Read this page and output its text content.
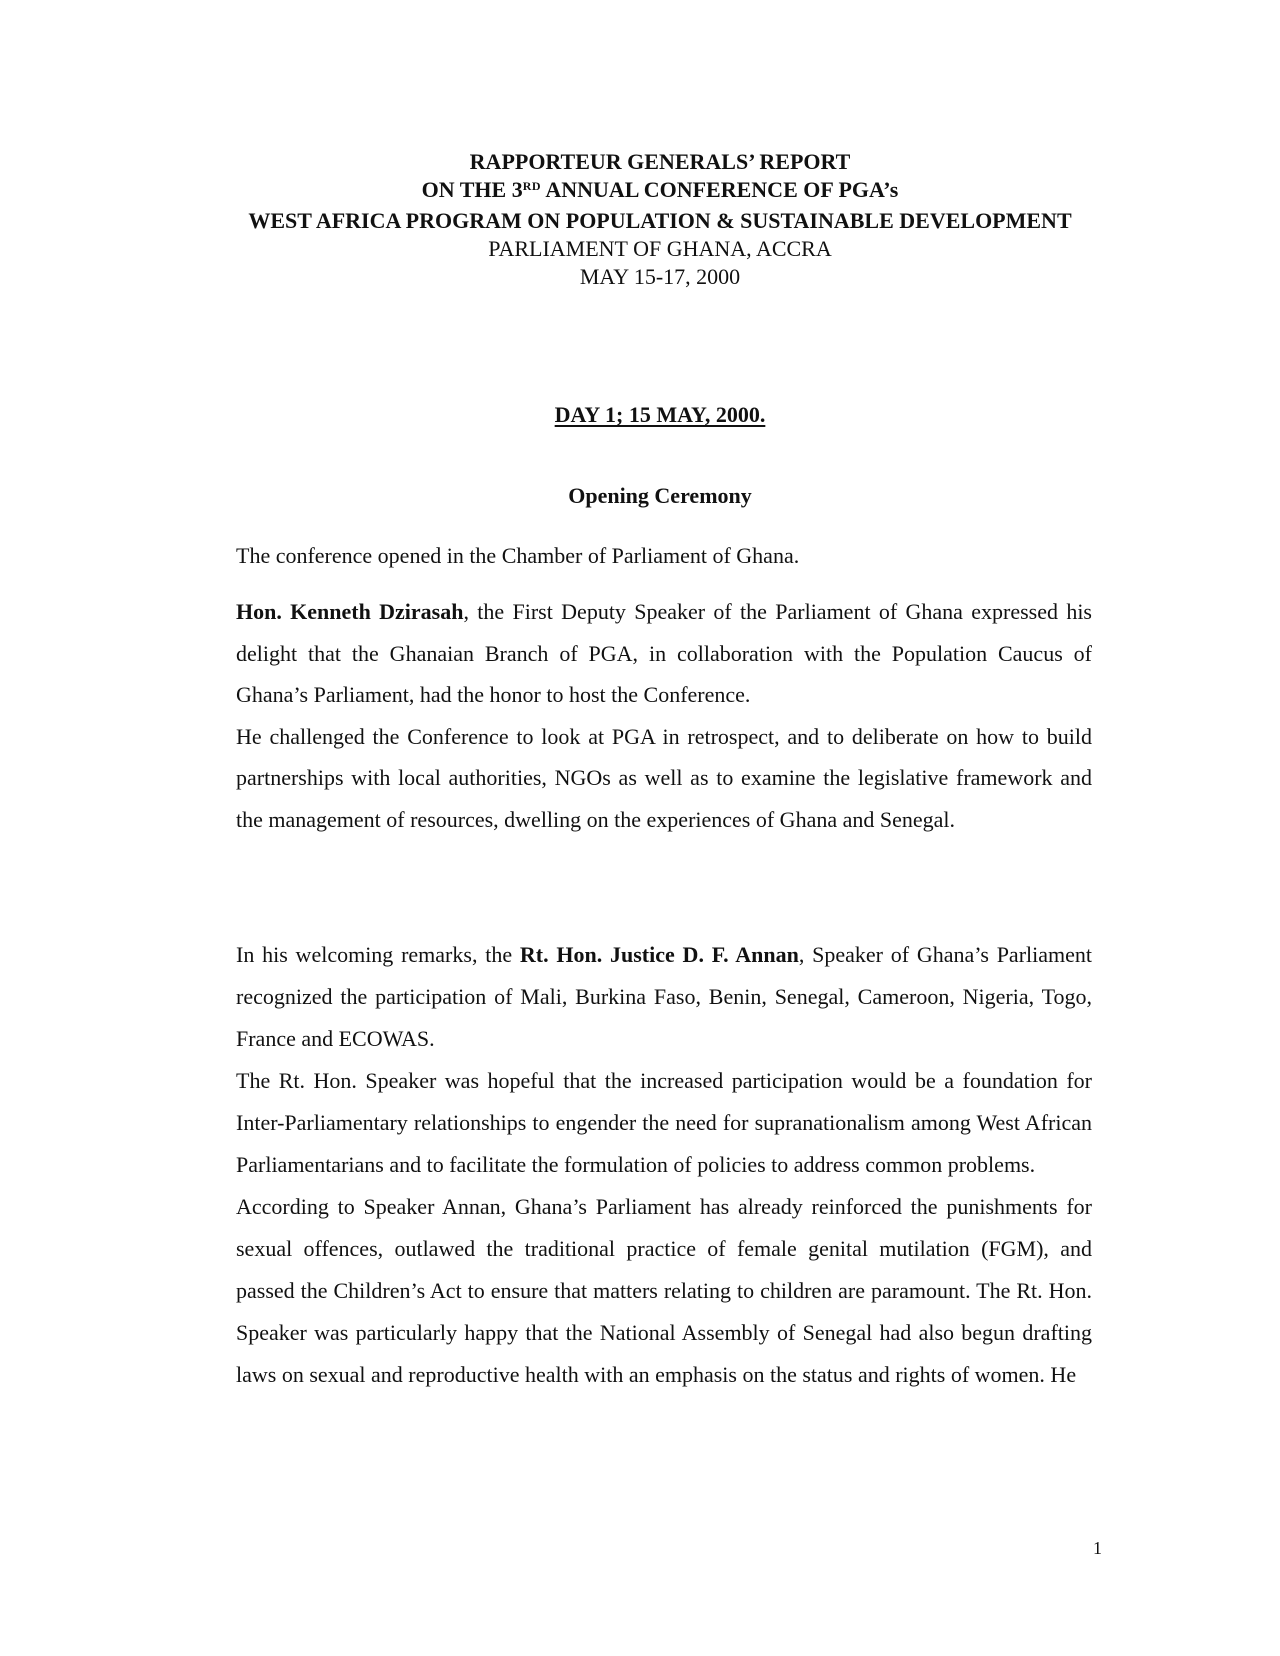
RAPPORTEUR GENERALS’ REPORT
ON THE 3RD ANNUAL CONFERENCE OF PGA’s
WEST AFRICA PROGRAM ON POPULATION & SUSTAINABLE DEVELOPMENT
PARLIAMENT OF GHANA, ACCRA
MAY 15-17, 2000
DAY 1; 15 MAY, 2000.
Opening Ceremony

The conference opened in the Chamber of Parliament of Ghana.

Hon. Kenneth Dzirasah, the First Deputy Speaker of the Parliament of Ghana expressed his delight that the Ghanaian Branch of PGA, in collaboration with the Population Caucus of Ghana’s Parliament, had the honor to host the Conference.

He challenged the Conference to look at PGA in retrospect, and to deliberate on how to build partnerships with local authorities, NGOs as well as to examine the legislative framework and the management of resources, dwelling on the experiences of Ghana and Senegal.

In his welcoming remarks, the Rt. Hon. Justice D. F. Annan, Speaker of Ghana’s Parliament recognized the participation of Mali, Burkina Faso, Benin, Senegal, Cameroon, Nigeria, Togo, France and ECOWAS.

The Rt. Hon. Speaker was hopeful that the increased participation would be a foundation for Inter-Parliamentary relationships to engender the need for supranationalism among West African Parliamentarians and to facilitate the formulation of policies to address common problems.

According to Speaker Annan, Ghana’s Parliament has already reinforced the punishments for sexual offences, outlawed the traditional practice of female genital mutilation (FGM), and passed the Children’s Act to ensure that matters relating to children are paramount. The Rt. Hon. Speaker was particularly happy that the National Assembly of Senegal had also begun drafting laws on sexual and reproductive health with an emphasis on the status and rights of women. He

1
